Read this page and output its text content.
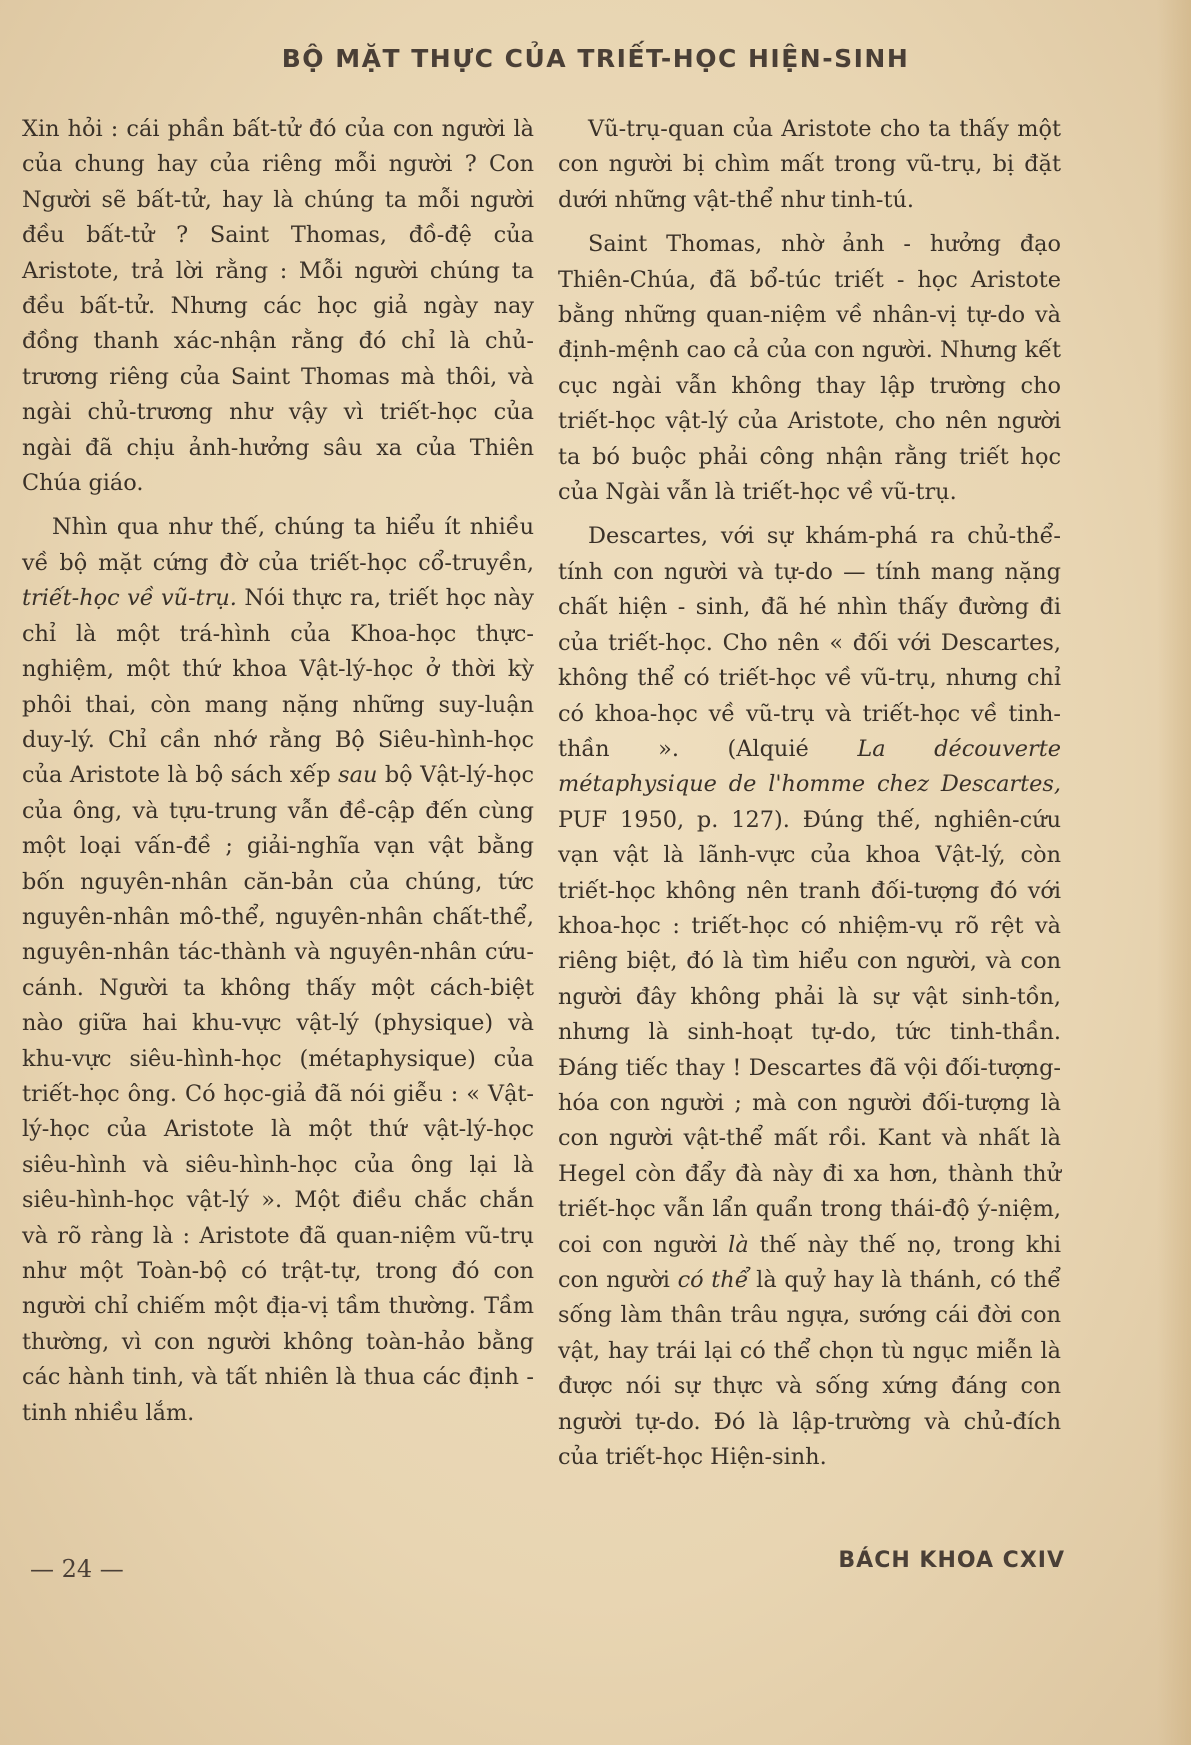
BỘ MẶT THỰC CỦA TRIẾT-HỌC HIỆN-SINH

Xin hỏi : cái phần bất-tử đó của con người là của chung hay của riêng mỗi người ? Con Người sẽ bất-tử, hay là chúng ta mỗi người đều bất-tử ? Saint Thomas, đồ-đệ của Aristote, trả lời rằng : Mỗi người chúng ta đều bất-tử. Nhưng các học giả ngày nay đồng thanh xác-nhận rằng đó chỉ là chủ-trương riêng của Saint Thomas mà thôi, và ngài chủ-trương như vậy vì triết-học của ngài đã chịu ảnh-hưởng sâu xa của Thiên Chúa giáo.

Nhìn qua như thế, chúng ta hiểu ít nhiều về bộ mặt cứng đờ của triết-học cổ-truyền, triết-học về vũ-trụ. Nói thực ra, triết học này chỉ là một trá-hình của Khoa-học thực-nghiệm, một thứ khoa Vật-lý-học ở thời kỳ phôi thai, còn mang nặng những suy-luận duy-lý. Chỉ cần nhớ rằng Bộ Siêu-hình-học của Aristote là bộ sách xếp sau bộ Vật-lý-học của ông, và tựu-trung vẫn đề-cập đến cùng một loại vấn-đề ; giải-nghĩa vạn vật bằng bốn nguyên-nhân căn-bản của chúng, tức nguyên-nhân mô-thể, nguyên-nhân chất-thể, nguyên-nhân tác-thành và nguyên-nhân cứu-cánh. Người ta không thấy một cách-biệt nào giữa hai khu-vực vật-lý (physique) và khu-vực siêu-hình-học (métaphysique) của triết-học ông. Có học-giả đã nói giễu : « Vật-lý-học của Aristote là một thứ vật-lý-học siêu-hình và siêu-hình-học của ông lại là siêu-hình-học vật-lý ». Một điều chắc chắn và rõ ràng là : Aristote đã quan-niệm vũ-trụ như một Toàn-bộ có trật-tự, trong đó con người chỉ chiếm một địa-vị tầm thường. Tầm thường, vì con người không toàn-hảo bằng các hành tinh, và tất nhiên là thua các định - tinh nhiều lắm.

Vũ-trụ-quan của Aristote cho ta thấy một con người bị chìm mất trong vũ-trụ, bị đặt dưới những vật-thể như tinh-tú.

Saint Thomas, nhờ ảnh - hưởng đạo Thiên-Chúa, đã bổ-túc triết - học Aristote bằng những quan-niệm về nhân-vị tự-do và định-mệnh cao cả của con người. Nhưng kết cục ngài vẫn không thay lập trường cho triết-học vật-lý của Aristote, cho nên người ta bó buộc phải công nhận rằng triết học của Ngài vẫn là triết-học về vũ-trụ.

Descartes, với sự khám-phá ra chủ-thể-tính con người và tự-do — tính mang nặng chất hiện - sinh, đã hé nhìn thấy đường đi của triết-học. Cho nên « đối với Descartes, không thể có triết-học về vũ-trụ, nhưng chỉ có khoa-học về vũ-trụ và triết-học về tinh-thần ». (Alquié La découverte métaphysique de l'homme chez Descartes, PUF 1950, p. 127). Đúng thế, nghiên-cứu vạn vật là lãnh-vực của khoa Vật-lý, còn triết-học không nên tranh đối-tượng đó với khoa-học : triết-học có nhiệm-vụ rõ rệt và riêng biệt, đó là tìm hiểu con người, và con người đây không phải là sự vật sinh-tồn, nhưng là sinh-hoạt tự-do, tức tinh-thần. Đáng tiếc thay ! Descartes đã vội đối-tượng-hóa con người ; mà con người đối-tượng là con người vật-thể mất rồi. Kant và nhất là Hegel còn đẩy đà này đi xa hơn, thành thử triết-học vẫn lẩn quẩn trong thái-độ ý-niệm, coi con người là thế này thế nọ, trong khi con người có thể là quỷ hay là thánh, có thể sống làm thân trâu ngựa, sướng cái đời con vật, hay trái lại có thể chọn tù ngục miễn là được nói sự thực và sống xứng đáng con người tự-do. Đó là lập-trường và chủ-đích của triết-học Hiện-sinh.

— 24 —	BÁCH KHOA CXIV
